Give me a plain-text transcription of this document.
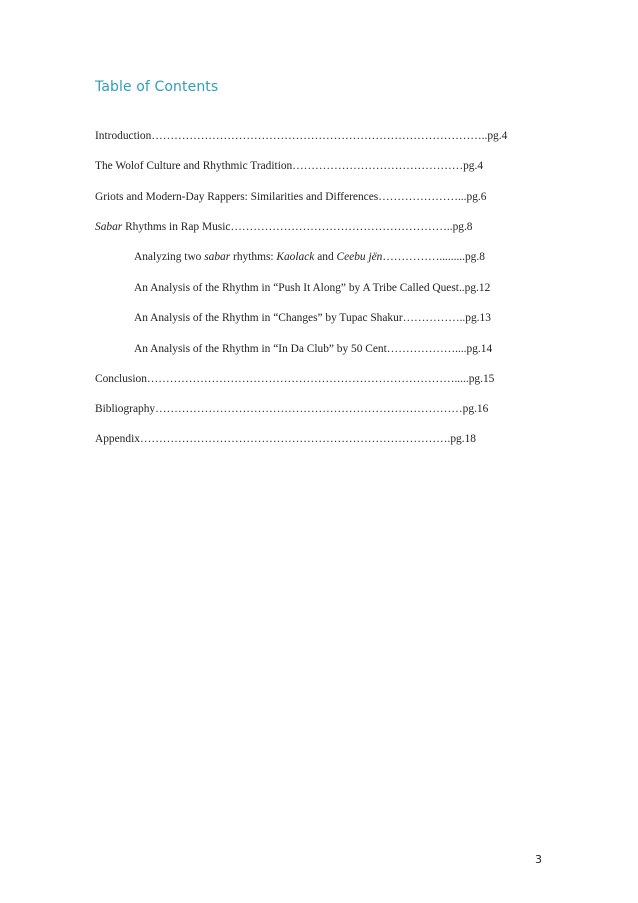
Table of Contents
Introduction……………………………………………………………………………..pg.4
The Wolof Culture and Rhythmic Tradition………………………………………pg.4
Griots and Modern-Day Rappers: Similarities and Differences…………………...pg.6
Sabar Rhythms in Rap Music…………………………………………………..pg.8
Analyzing two sabar rhythms: Kaolack and Ceebu jën…………….........pg.8
An Analysis of the Rhythm in “Push It Along” by A Tribe Called Quest..pg.12
An Analysis of the Rhythm in “Changes” by Tupac Shakur……………..pg.13
An Analysis of the Rhythm in “In Da Club” by 50 Cent………………....pg.14
Conclusion……………………………………………………………………….....pg.15
Bibliography………………………………………………………………………pg.16
Appendix……………………………………………………………………….pg.18
3
